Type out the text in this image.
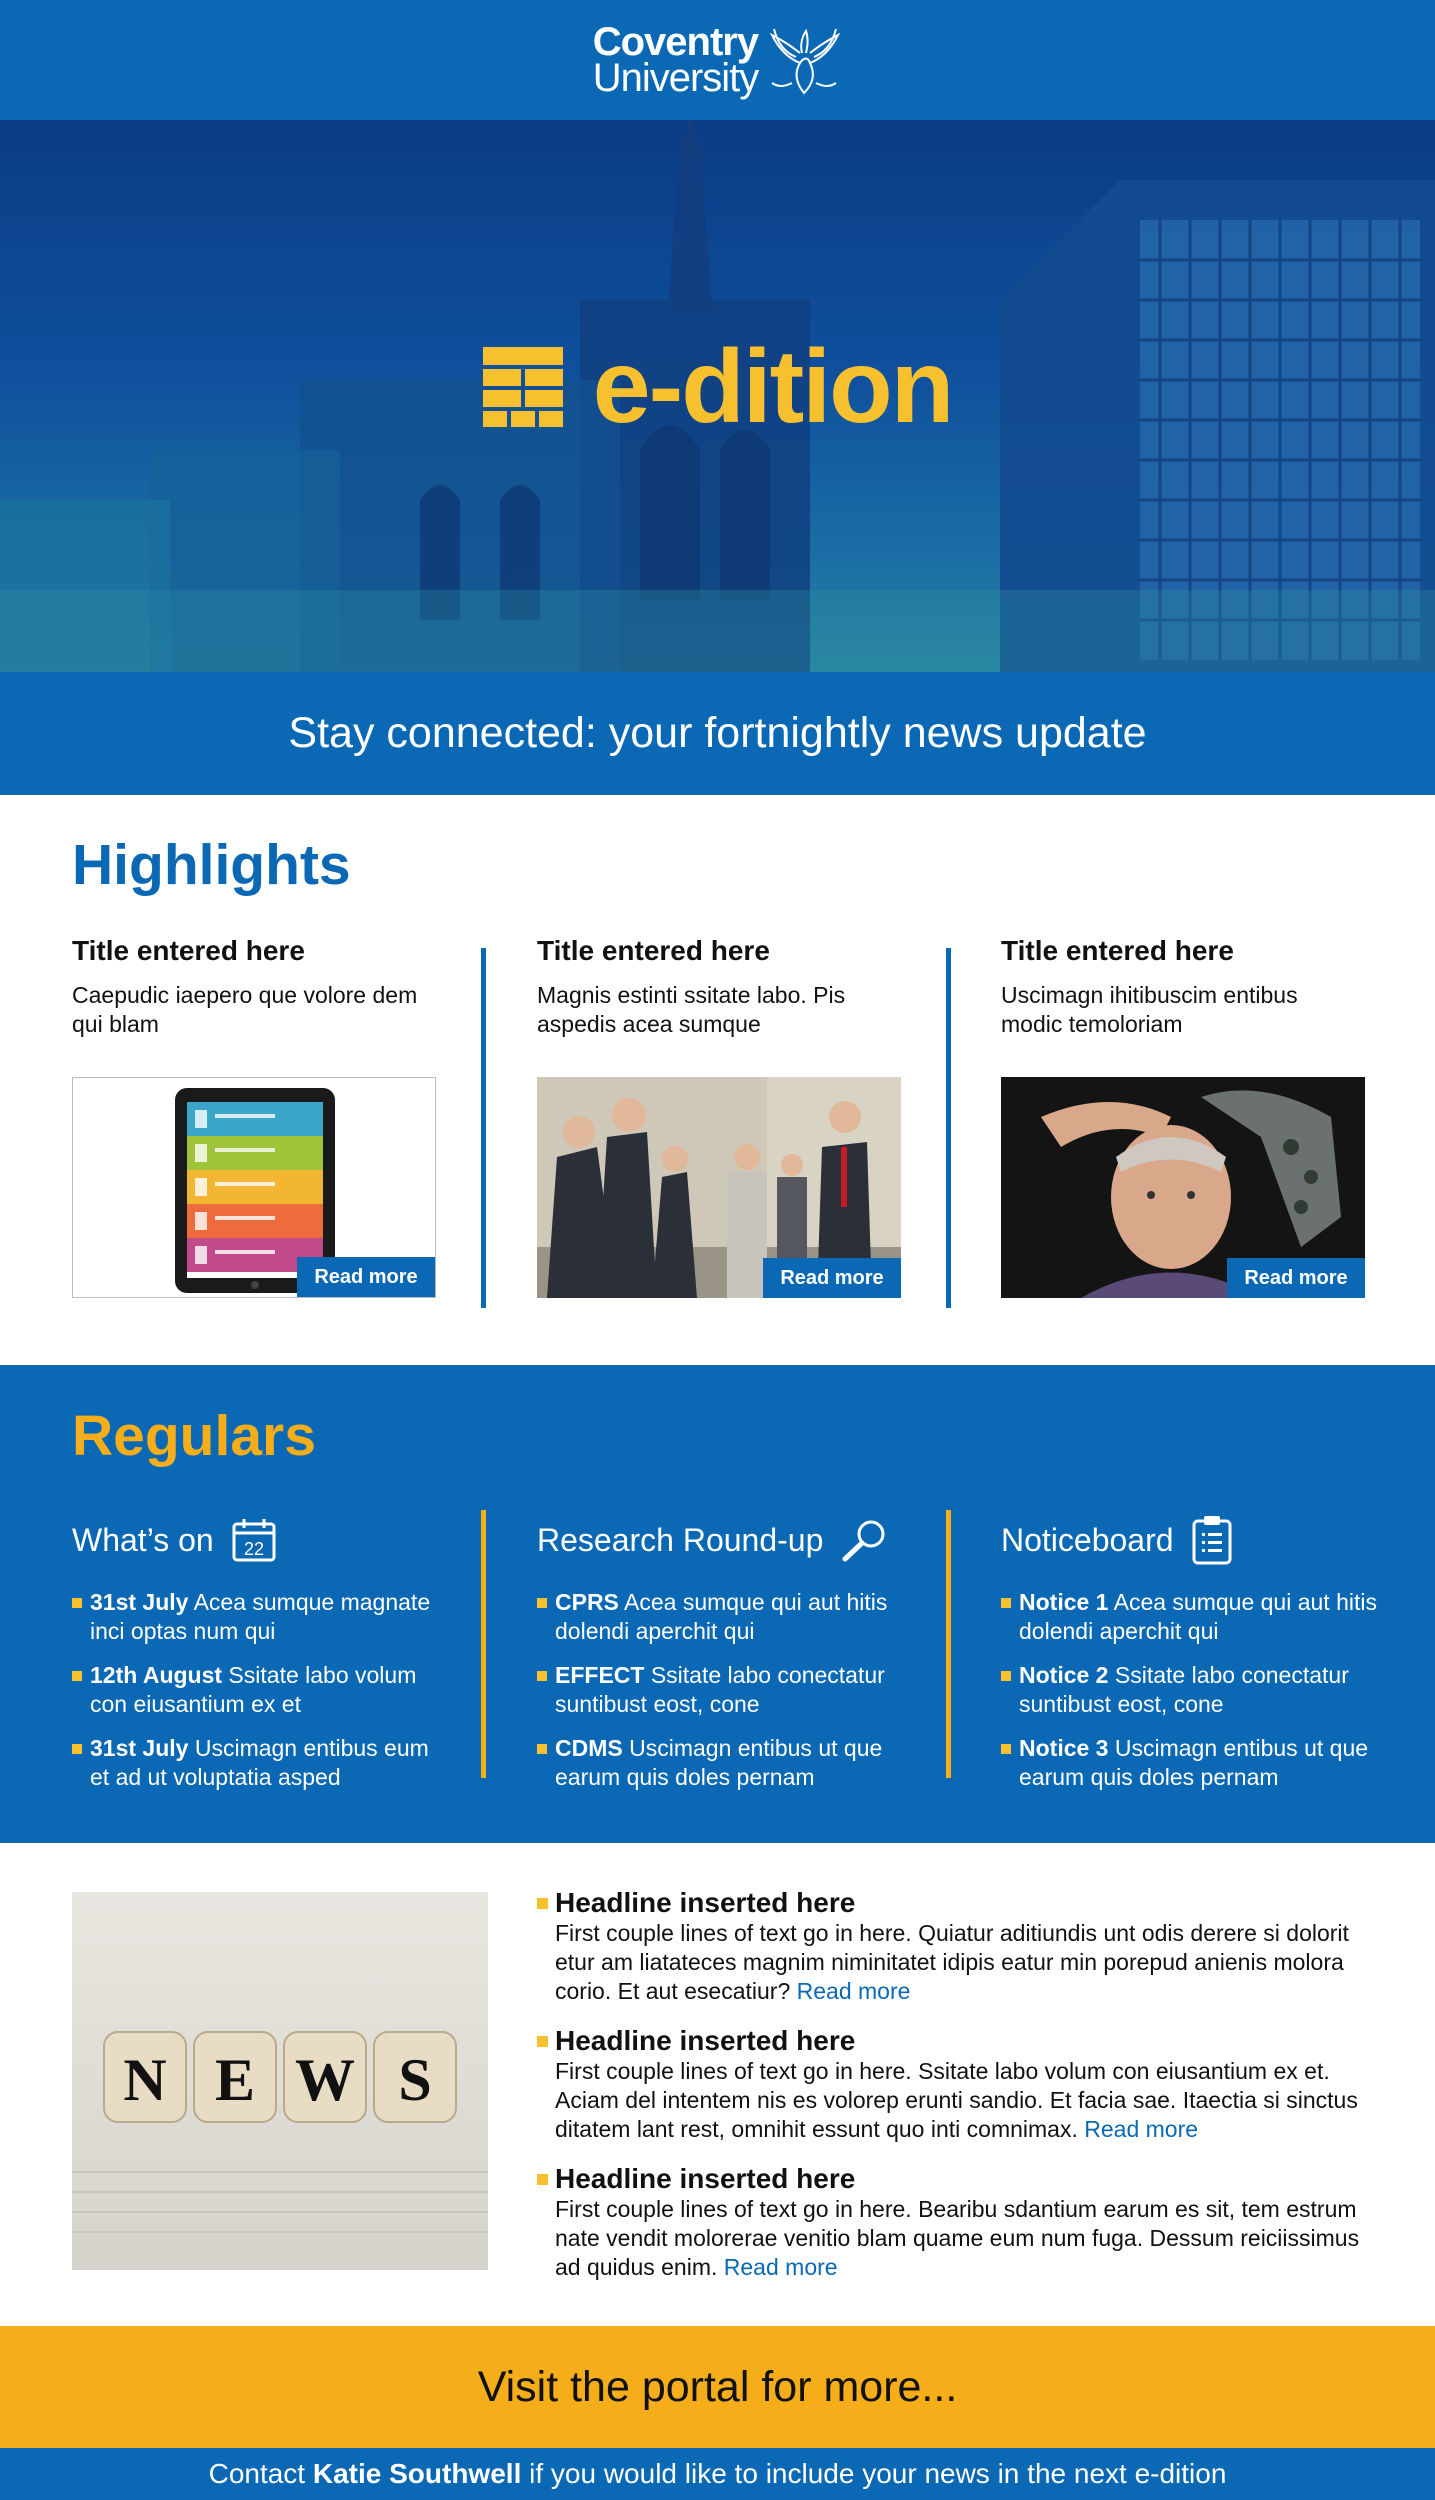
Coventry
University
e-dition
Stay connected: your fortnightly news update
Highlights
Title entered here
Caepudic iaepero que volore dem qui blam
Read more
Title entered here
Magnis estinti ssitate labo. Pis aspedis acea sumque
Read more
Title entered here
Uscimagn ihitibuscim entibus modic temoloriam
Read more
Regulars
What’s on 22
31st July Acea sumque magnate inci optas num qui
12th August Ssitate labo volum con eiusantium ex et
31st July Uscimagn entibus eum et ad ut voluptatia asped
Research Round-up
CPRS Acea sumque qui aut hitis dolendi aperchit qui
EFFECT Ssitate labo conectatur suntibust eost, cone
CDMS Uscimagn entibus ut que earum quis doles pernam
Noticeboard
Notice 1 Acea sumque qui aut hitis dolendi aperchit qui
Notice 2 Ssitate labo conectatur suntibust eost, cone
Notice 3 Uscimagn entibus ut que earum quis doles pernam
N E W S
Headline inserted here
First couple lines of text go in here. Quiatur aditiundis unt odis derere si dolorit etur am liatateces magnim niminitatet idipis eatur min porepud anienis molora corio. Et aut esecatiur? Read more
Headline inserted here
First couple lines of text go in here. Ssitate labo volum con eiusantium ex et. Aciam del intentem nis es volorep erunti sandio. Et facia sae. Itaectia si sinctus ditatem lant rest, omnihit essunt quo inti comnimax. Read more
Headline inserted here
First couple lines of text go in here. Bearibu sdantium earum es sit, tem estrum nate vendit molorerae venitio blam quame eum num fuga. Dessum reiciissimus ad quidus enim. Read more
Visit the portal for more...
Contact Katie Southwell if you would like to include your news in the next e-dition
